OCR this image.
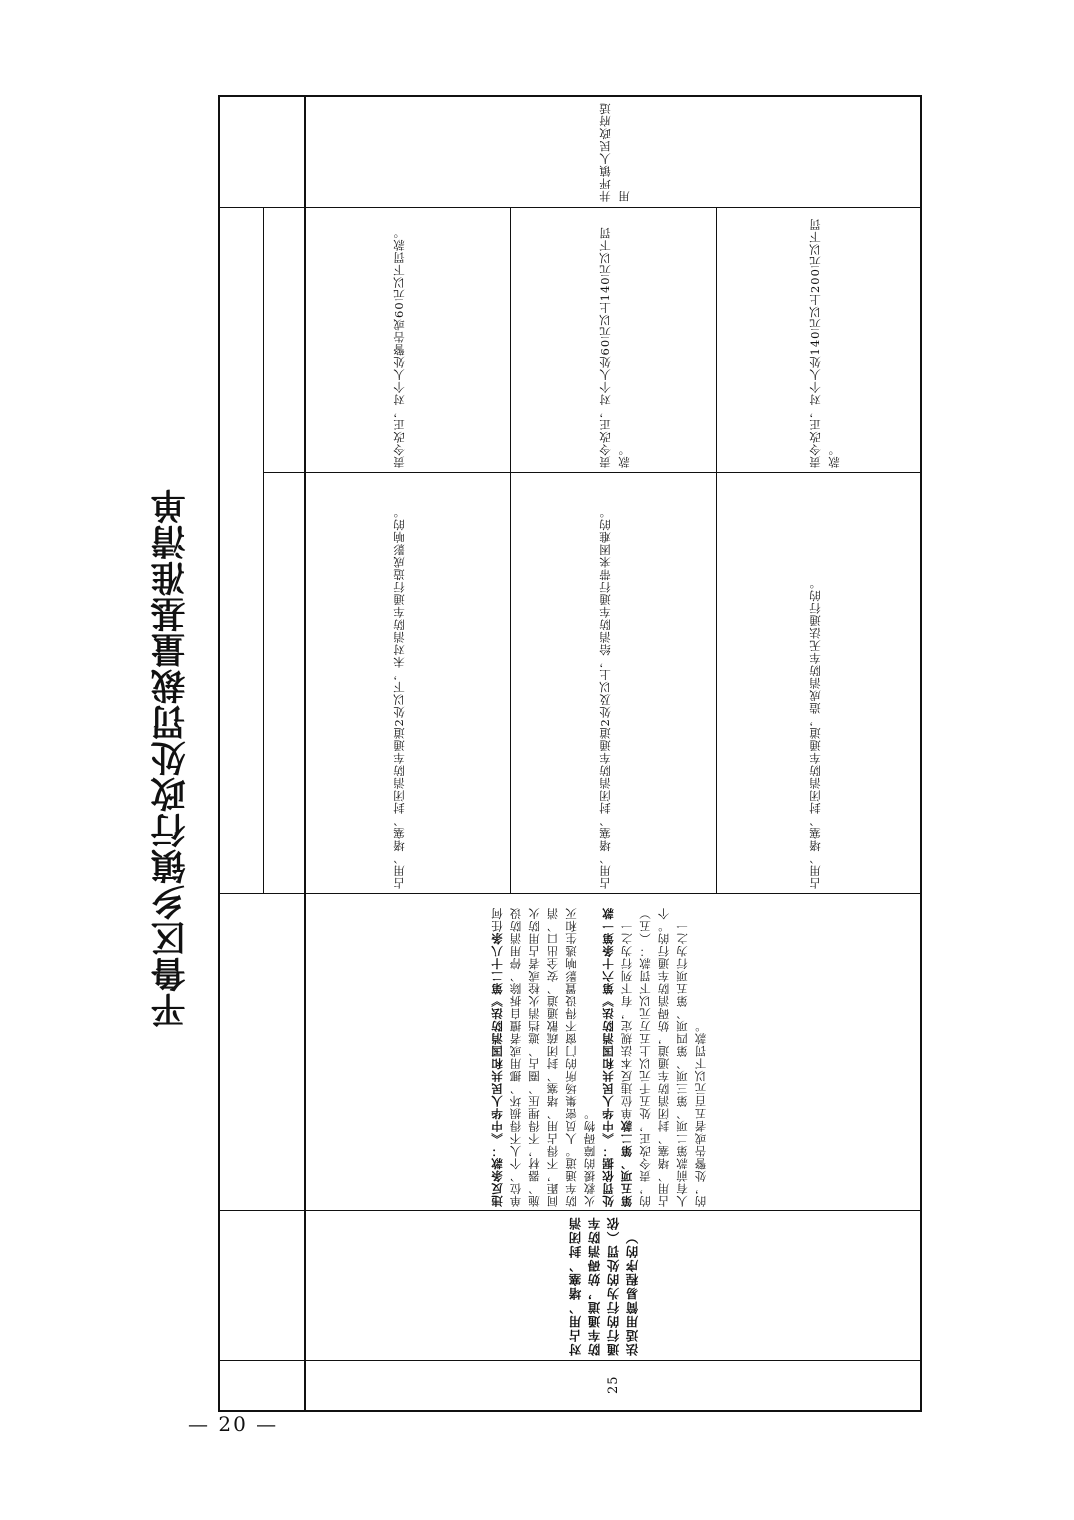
平鲁区乡镇行政处罚裁量基准清单
井坪镇人民政府适用
责令改正，对个人处警告或60元以下罚款。
占用、堵塞、封闭消防车通道2处以下，未对消防车通行造成影响的。
责令改正，对个人处60元以上140元以下罚款。
占用、堵塞、封闭消防车通道2处及以上，给消防车通行带来困难的。
责令改正，对个人处140元以上200元以下罚款。
占用、堵塞、封闭消防车通道，造成消防车无法通行的。
违反条款：《中华人民共和国消防法》第二十八条任何单位、个人不得损坏、挪用或者擅自拆除、停用消防设施、器材，不得埋压、圈占、遮挡消火栓或者占用防火间距，不得占用、堵塞、封闭疏散通道、安全出口、消防车通道。人员密集场所的门窗不得设置影响逃生和灭火救援的障碍物。 处罚依据：《中华人民共和国消防法》第六十条第一款第五项、第二款单位违反本法规定，有下列行为之一的，责令改正，处五千元以上五万元以下罚款：（五）占用、堵塞、封闭消防车通道，妨碍消防车通行的。个人有前款第二项、第三项、第四项、第五项行为之一的，处警告或者五百元以下罚款。
对占用、堵塞、封闭消防车通道，妨碍消防车通行的行为的处罚（依法适用简易程序的）
25
— 20 —
